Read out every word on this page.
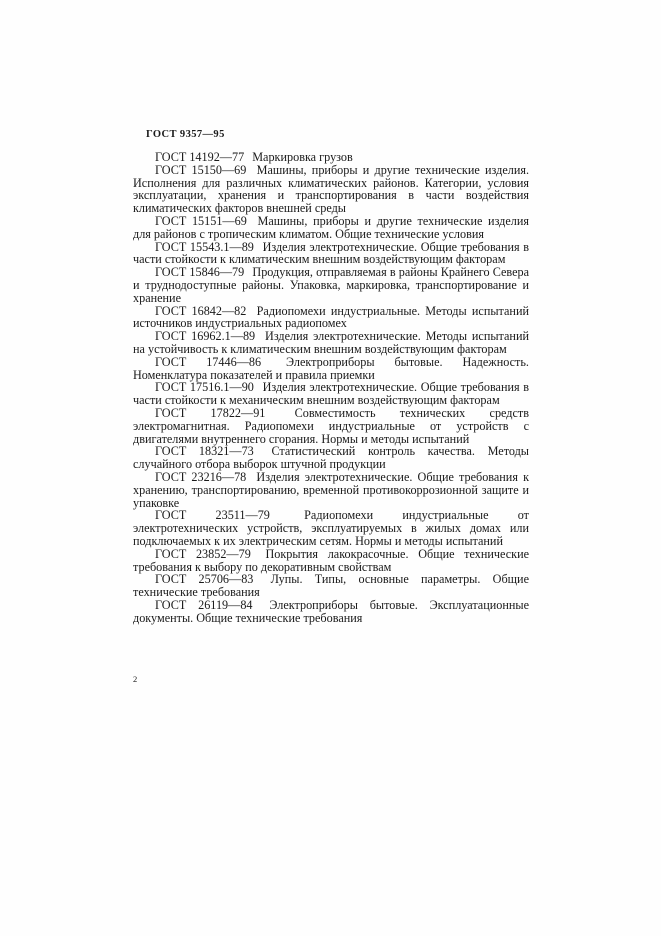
ГОСТ 9357—95

ГОСТ 14192—77 Маркировка грузов

ГОСТ 15150—69 Машины, приборы и другие технические изделия. Исполнения для различных климатических районов. Категории, условия эксплуатации, хранения и транспортирования в части воздействия климатических факторов внешней среды

ГОСТ 15151—69 Машины, приборы и другие технические изделия для районов с тропическим климатом. Общие технические условия

ГОСТ 15543.1—89 Изделия электротехнические. Общие требования в части стойкости к климатическим внешним воздействующим факторам

ГОСТ 15846—79 Продукция, отправляемая в районы Крайнего Севера и труднодоступные районы. Упаковка, маркировка, транспортирование и хранение

ГОСТ 16842—82 Радиопомехи индустриальные. Методы испытаний источников индустриальных радиопомех

ГОСТ 16962.1—89 Изделия электротехнические. Методы испытаний на устойчивость к климатическим внешним воздействующим факторам

ГОСТ 17446—86 Электроприборы бытовые. Надежность. Номенклатура показателей и правила приемки

ГОСТ 17516.1—90 Изделия электротехнические. Общие требования в части стойкости к механическим внешним воздействующим факторам

ГОСТ 17822—91 Совместимость технических средств электромагнитная. Радиопомехи индустриальные от устройств с двигателями внутреннего сгорания. Нормы и методы испытаний

ГОСТ 18321—73 Статистический контроль качества. Методы случайного отбора выборок штучной продукции

ГОСТ 23216—78 Изделия электротехнические. Общие требования к хранению, транспортированию, временной противокоррозионной защите и упаковке

ГОСТ 23511—79	Радиопомехи индустриальные от электротехнических устройств, эксплуатируемых в жилых домах или подключаемых к их электрическим сетям. Нормы и методы испытаний

ГОСТ 23852—79 Покрытия лакокрасочные. Общие технические требования к выбору по декоративным свойствам

ГОСТ 25706—83 Лупы. Типы, основные параметры. Общие технические требования

ГОСТ 26119—84 Электроприборы бытовые. Эксплуатационные документы. Общие технические требования

2
